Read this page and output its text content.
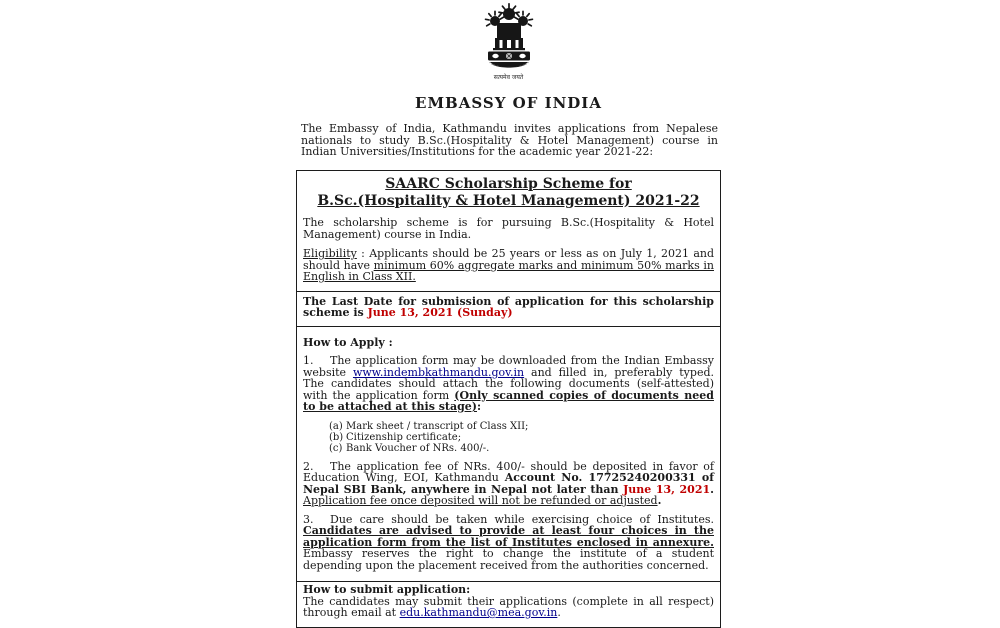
सत्यमेव जयते
EMBASSY OF INDIA

The Embassy of India, Kathmandu invites applications from Nepalese nationals to study B.Sc.(Hospitality & Hotel Management) course in Indian Universities/Institutions for the academic year 2021-22:

SAARC Scholarship Scheme for
B.Sc.(Hospitality & Hotel Management) 2021-22

The scholarship scheme is for pursuing B.Sc.(Hospitality & Hotel Management) course in India.

Eligibility : Applicants should be 25 years or less as on July 1, 2021 and should have minimum 60% aggregate marks and minimum 50% marks in English in Class XII.

The Last Date for submission of application for this scholarship scheme is June 13, 2021 (Sunday)

How to Apply :

1. The application form may be downloaded from the Indian Embassy website www.indembkathmandu.gov.in and filled in, preferably typed. The candidates should attach the following documents (self-attested) with the application form (Only scanned copies of documents need to be attached at this stage):

(a) Mark sheet / transcript of Class XII;
(b) Citizenship certificate;
(c) Bank Voucher of NRs. 400/-.

2. The application fee of NRs. 400/- should be deposited in favor of Education Wing, EOI, Kathmandu Account No. 17725240200331 of Nepal SBI Bank, anywhere in Nepal not later than June 13, 2021. Application fee once deposited will not be refunded or adjusted.

3. Due care should be taken while exercising choice of Institutes. Candidates are advised to provide at least four choices in the application form from the list of Institutes enclosed in annexure. Embassy reserves the right to change the institute of a student depending upon the placement received from the authorities concerned.

How to submit application:

The candidates may submit their applications (complete in all respect) through email at edu.kathmandu@mea.gov.in.
